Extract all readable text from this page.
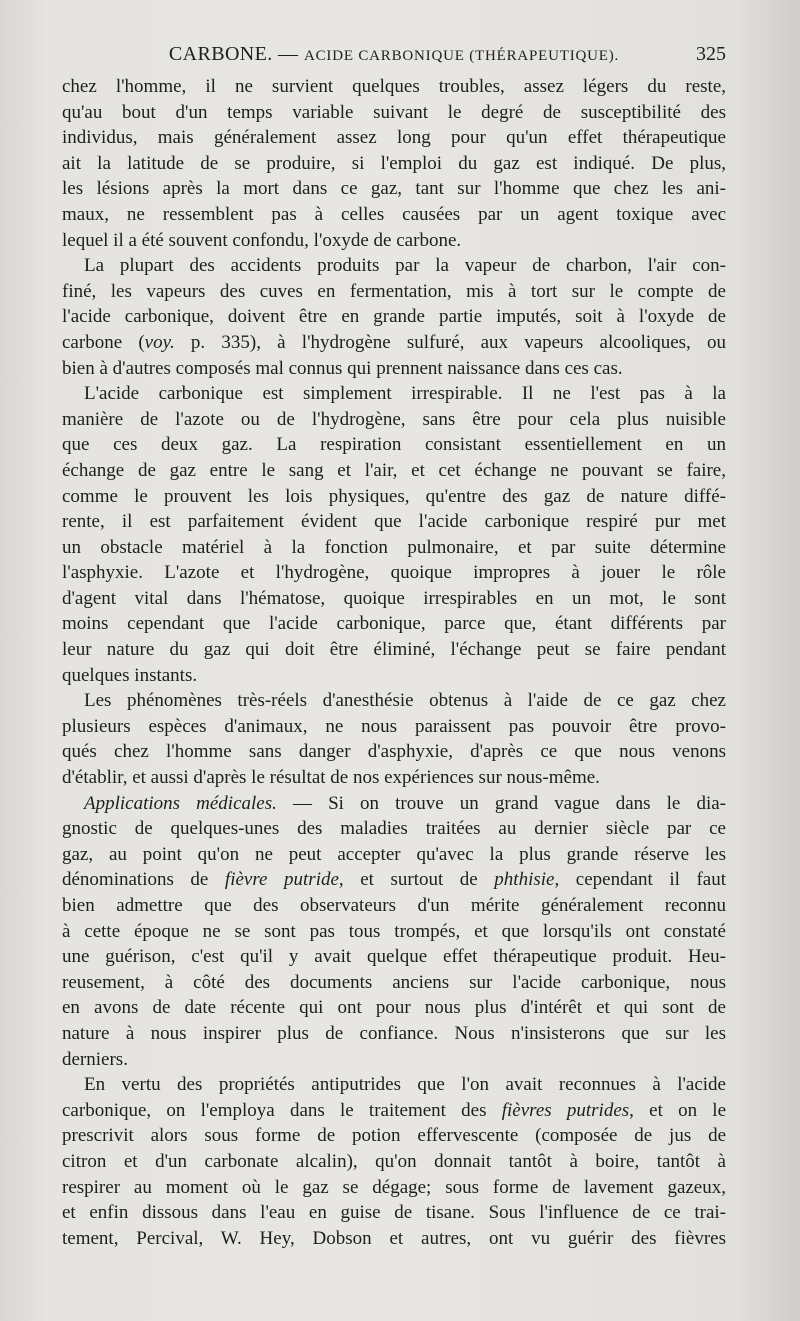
CARBONE. — ACIDE CARBONIQUE (THÉRAPEUTIQUE).	325
chez l'homme, il ne survient quelques troubles, assez légers du reste,
qu'au bout d'un temps variable suivant le degré de susceptibilité des
individus, mais généralement assez long pour qu'un effet thérapeutique
ait la latitude de se produire, si l'emploi du gaz est indiqué. De plus,
les lésions après la mort dans ce gaz, tant sur l'homme que chez les ani-
maux, ne ressemblent pas à celles causées par un agent toxique avec
lequel il a été souvent confondu, l'oxyde de carbone.
La plupart des accidents produits par la vapeur de charbon, l'air con-
finé, les vapeurs des cuves en fermentation, mis à tort sur le compte de
l'acide carbonique, doivent être en grande partie imputés, soit à l'oxyde de
carbone (voy. p. 335), à l'hydrogène sulfuré, aux vapeurs alcooliques, ou
bien à d'autres composés mal connus qui prennent naissance dans ces cas.
L'acide carbonique est simplement irrespirable. Il ne l'est pas à la
manière de l'azote ou de l'hydrogène, sans être pour cela plus nuisible
que ces deux gaz. La respiration consistant essentiellement en un
échange de gaz entre le sang et l'air, et cet échange ne pouvant se faire,
comme le prouvent les lois physiques, qu'entre des gaz de nature diffé-
rente, il est parfaitement évident que l'acide carbonique respiré pur met
un obstacle matériel à la fonction pulmonaire, et par suite détermine
l'asphyxie. L'azote et l'hydrogène, quoique impropres à jouer le rôle
d'agent vital dans l'hématose, quoique irrespirables en un mot, le sont
moins cependant que l'acide carbonique, parce que, étant différents par
leur nature du gaz qui doit être éliminé, l'échange peut se faire pendant
quelques instants.
Les phénomènes très-réels d'anesthésie obtenus à l'aide de ce gaz chez
plusieurs espèces d'animaux, ne nous paraissent pas pouvoir être provo-
qués chez l'homme sans danger d'asphyxie, d'après ce que nous venons
d'établir, et aussi d'après le résultat de nos expériences sur nous-même.
Applications médicales. — Si on trouve un grand vague dans le dia-
gnostic de quelques-unes des maladies traitées au dernier siècle par ce
gaz, au point qu'on ne peut accepter qu'avec la plus grande réserve les
dénominations de fièvre putride, et surtout de phthisie, cependant il faut
bien admettre que des observateurs d'un mérite généralement reconnu
à cette époque ne se sont pas tous trompés, et que lorsqu'ils ont constaté
une guérison, c'est qu'il y avait quelque effet thérapeutique produit. Heu-
reusement, à côté des documents anciens sur l'acide carbonique, nous
en avons de date récente qui ont pour nous plus d'intérêt et qui sont de
nature à nous inspirer plus de confiance. Nous n'insisterons que sur les
derniers.
En vertu des propriétés antiputrides que l'on avait reconnues à l'acide
carbonique, on l'employa dans le traitement des fièvres putrides, et on le
prescrivit alors sous forme de potion effervescente (composée de jus de
citron et d'un carbonate alcalin), qu'on donnait tantôt à boire, tantôt à
respirer au moment où le gaz se dégage; sous forme de lavement gazeux,
et enfin dissous dans l'eau en guise de tisane. Sous l'influence de ce trai-
tement, Percival, W. Hey, Dobson et autres, ont vu guérir des fièvres
